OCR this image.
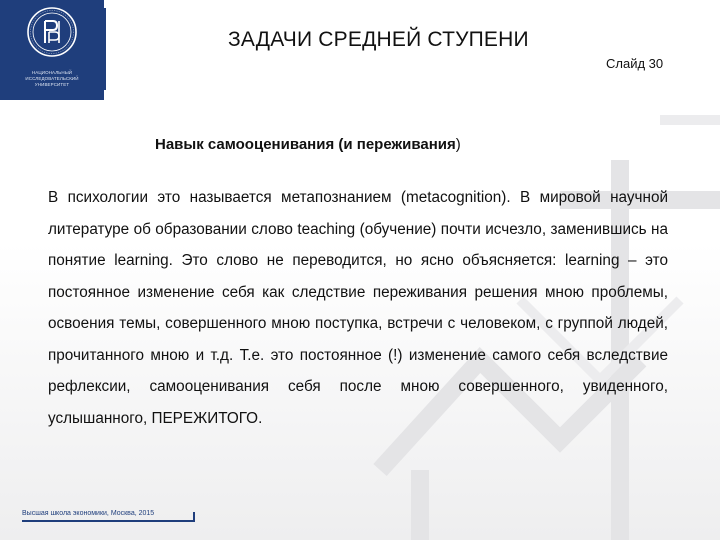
НАЦИОНАЛЬНЫЙ ИССЛЕДОВАТЕЛЬСКИЙ УНИВЕРСИТЕТ
ЗАДАЧИ СРЕДНЕЙ СТУПЕНИ
Слайд 30
Навык самооценивания (и переживания)

В психологии это называется метапознанием (metacognition). В мировой научной литературе об образовании слово teaching (обучение) почти исчезло, заменившись на понятие learning. Это слово не переводится, но ясно объясняется: learning – это постоянное изменение себя как следствие переживания решения мною проблемы, освоения темы, совершенного мною поступка, встречи с человеком, с группой людей, прочитанного мною и т.д. Т.е. это постоянное (!) изменение самого себя вследствие рефлексии, самооценивания себя после мною совершенного, увиденного, услышанного, ПЕРЕЖИТОГО.

Высшая школа экономики, Москва, 2015
